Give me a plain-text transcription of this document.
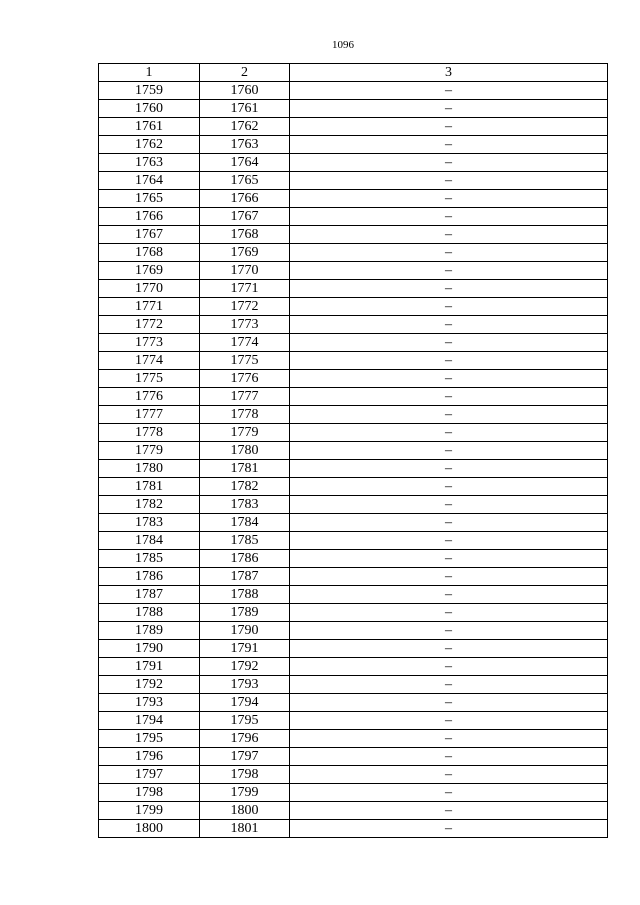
1096
1	2	3
1759	1760	–
1760	1761	–
1761	1762	–
1762	1763	–
1763	1764	–
1764	1765	–
1765	1766	–
1766	1767	–
1767	1768	–
1768	1769	–
1769	1770	–
1770	1771	–
1771	1772	–
1772	1773	–
1773	1774	–
1774	1775	–
1775	1776	–
1776	1777	–
1777	1778	–
1778	1779	–
1779	1780	–
1780	1781	–
1781	1782	–
1782	1783	–
1783	1784	–
1784	1785	–
1785	1786	–
1786	1787	–
1787	1788	–
1788	1789	–
1789	1790	–
1790	1791	–
1791	1792	–
1792	1793	–
1793	1794	–
1794	1795	–
1795	1796	–
1796	1797	–
1797	1798	–
1798	1799	–
1799	1800	–
1800	1801	–
